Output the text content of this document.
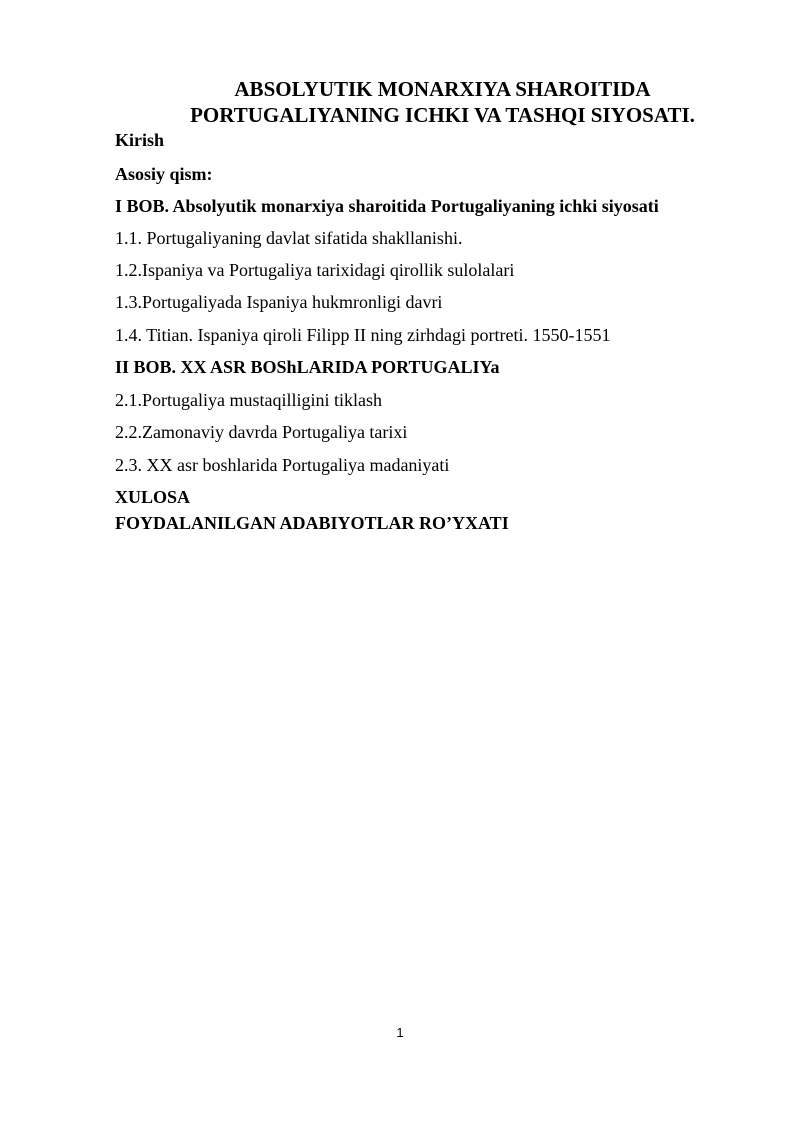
ABSOLYUTIK MONARXIYA SHAROITIDA
PORTUGALIYANING ICHKI VA TASHQI SIYOSATI.
Kirish
Asosiy qism:
I BOB. Absolyutik monarxiya sharoitida Portugaliyaning ichki siyosati
1.1. Portugaliyaning davlat sifatida shakllanishi.
1.2.Ispaniya va Portugaliya tarixidagi qirollik sulolalari
1.3.Portugaliyada Ispaniya hukmronligi davri
1.4. Titian. Ispaniya qiroli Filipp II ning zirhdagi portreti. 1550-1551
II BOB. XX ASR BOShLARIDA PORTUGALIYa
2.1.Portugaliya mustaqilligini tiklash
2.2.Zamonaviy davrda Portugaliya tarixi
2.3. XX asr boshlarida Portugaliya madaniyati
XULOSA
FOYDALANILGAN ADABIYOTLAR RO’YXATI
1
